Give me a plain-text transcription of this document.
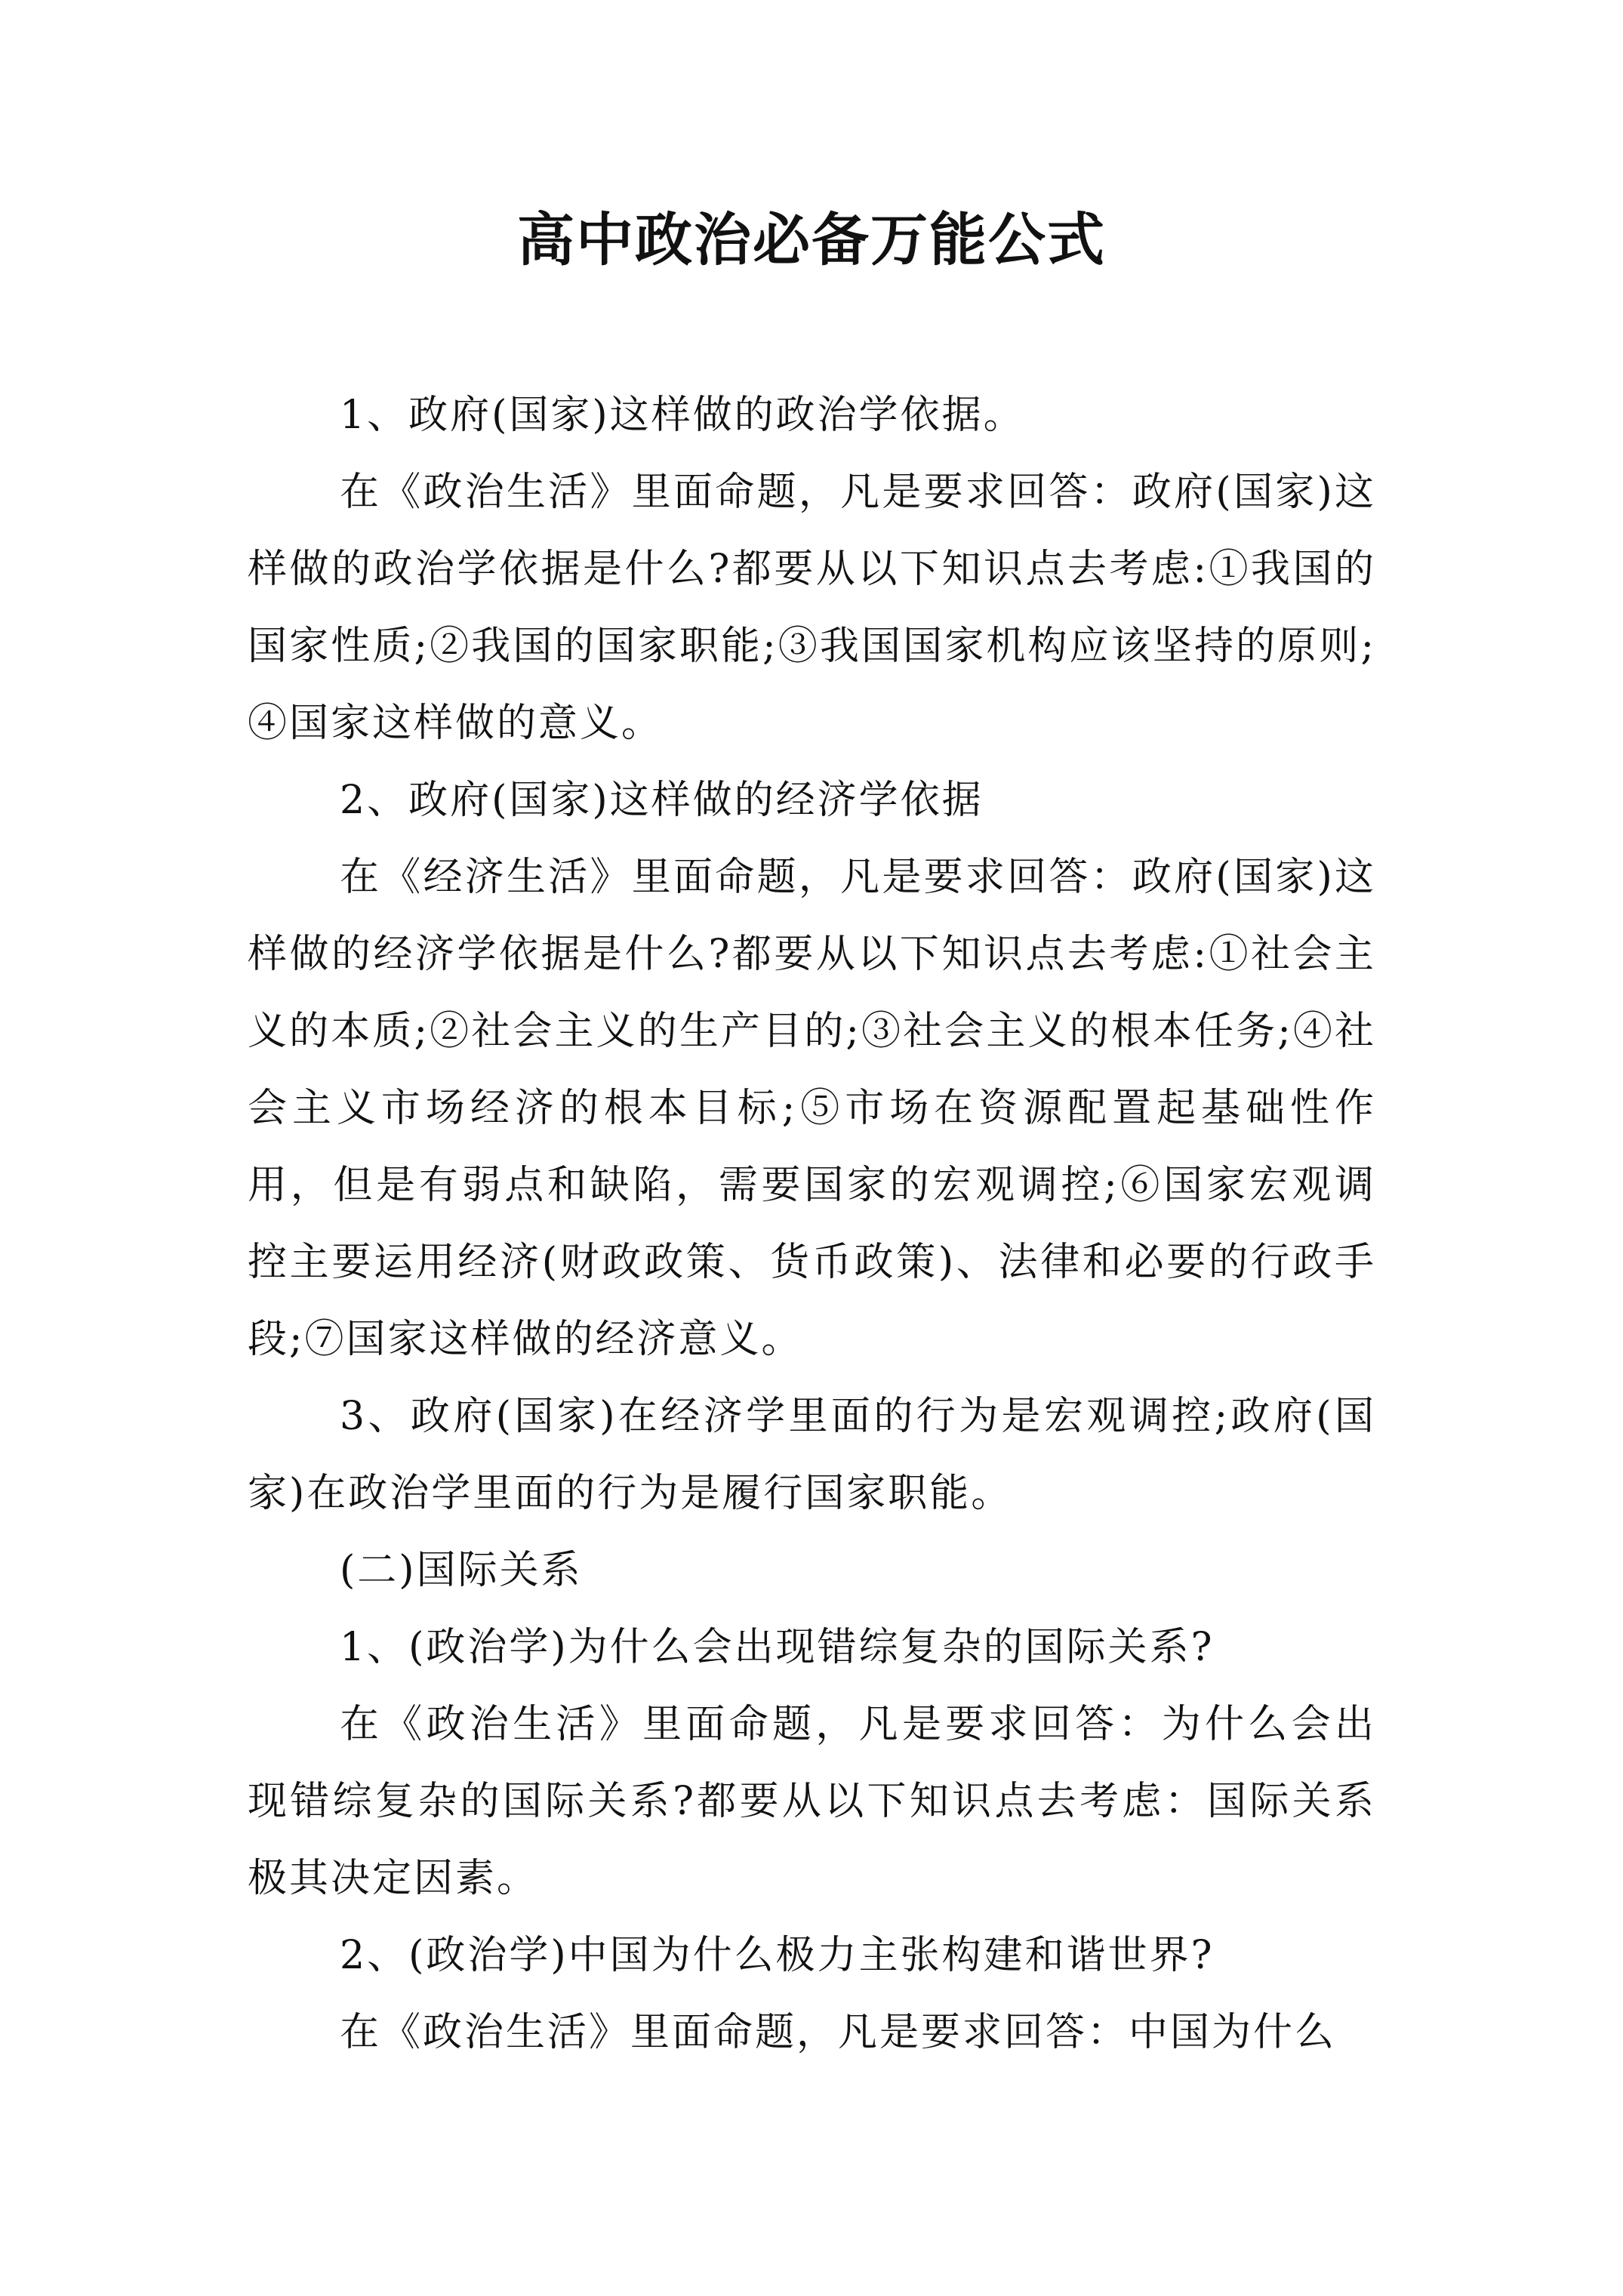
高中政治必备万能公式

1、政府(国家)这样做的政治学依据。

在《政治生活》里面命题，凡是要求回答：政府(国家)这样做的政治学依据是什么?都要从以下知识点去考虑:①我国的国家性质;②我国的国家职能;③我国国家机构应该坚持的原则;④国家这样做的意义。

2、政府(国家)这样做的经济学依据

在《经济生活》里面命题，凡是要求回答：政府(国家)这样做的经济学依据是什么?都要从以下知识点去考虑:①社会主义的本质;②社会主义的生产目的;③社会主义的根本任务;④社会主义市场经济的根本目标;⑤市场在资源配置起基础性作用，但是有弱点和缺陷，需要国家的宏观调控;⑥国家宏观调控主要运用经济(财政政策、货币政策)、法律和必要的行政手段;⑦国家这样做的经济意义。

3、政府(国家)在经济学里面的行为是宏观调控;政府(国家)在政治学里面的行为是履行国家职能。

(二)国际关系

1、(政治学)为什么会出现错综复杂的国际关系?

在《政治生活》里面命题，凡是要求回答：为什么会出现错综复杂的国际关系?都要从以下知识点去考虑：国际关系极其决定因素。

2、(政治学)中国为什么极力主张构建和谐世界?

在《政治生活》里面命题，凡是要求回答：中国为什么
